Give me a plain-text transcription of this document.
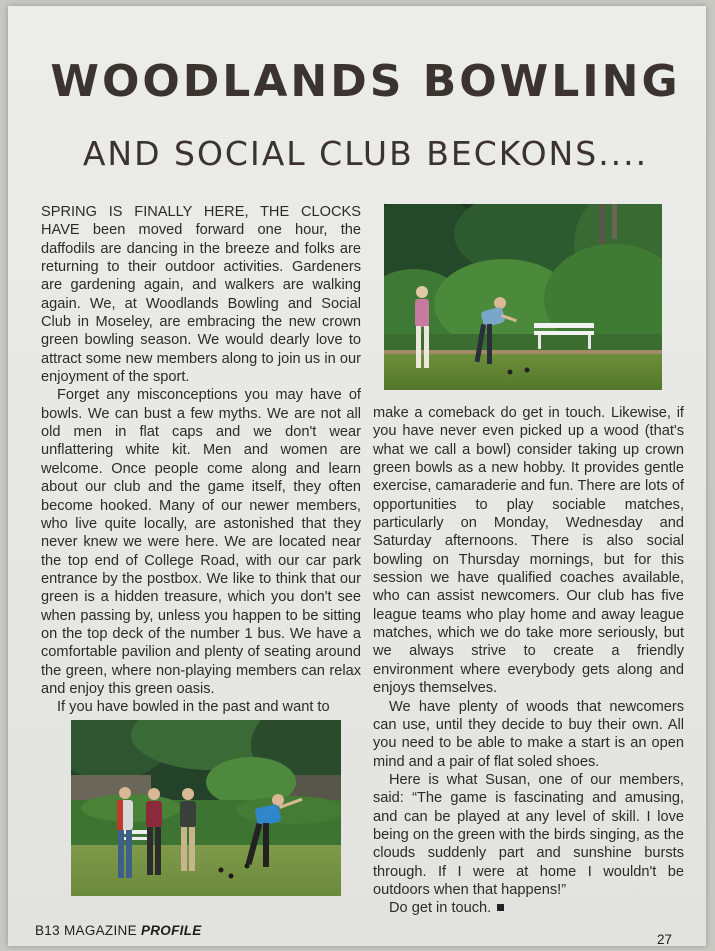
WOODLANDS BOWLING
AND SOCIAL CLUB BECKONS....

SPRING IS FINALLY HERE, THE CLOCKS HAVE been moved forward one hour, the daffodils are dancing in the breeze and folks are returning to their outdoor activities. Gardeners are gardening again, and walkers are walking again. We, at Woodlands Bowling and Social Club in Moseley, are embracing the new crown green bowling season. We would dearly love to attract some new members along to join us in our enjoyment of the sport.

Forget any misconceptions you may have of bowls. We can bust a few myths. We are not all old men in flat caps and we don't wear unflattering white kit. Men and women are welcome. Once people come along and learn about our club and the game itself, they often become hooked. Many of our newer members, who live quite locally, are astonished that they never knew we were here. We are located near the top end of College Road, with our car park entrance by the postbox. We like to think that our green is a hidden treasure, which you don't see when passing by, unless you happen to be sitting on the top deck of the number 1 bus. We have a comfortable pavilion and plenty of seating around the green, where non-playing members can relax and enjoy this green oasis.

If you have bowled in the past and want to

make a comeback do get in touch. Likewise, if you have never even picked up a wood (that's what we call a bowl) consider taking up crown green bowls as a new hobby. It provides gentle exercise, camaraderie and fun. There are lots of opportunities to play sociable matches, particularly on Monday, Wednesday and Saturday afternoons. There is also social bowling on Thursday mornings, but for this session we have qualified coaches available, who can assist newcomers. Our club has five league teams who play home and away league matches, which we do take more seriously, but we always strive to create a friendly environment where everybody gets along and enjoys themselves.

We have plenty of woods that newcomers can use, until they decide to buy their own. All you need to be able to make a start is an open mind and a pair of flat soled shoes.

Here is what Susan, one of our members, said: “The game is fascinating and amusing, and can be played at any level of skill. I love being on the green with the birds singing, as the clouds suddenly part and sunshine bursts through. If I were at home I wouldn't be outdoors when that happens!”

Do get in touch.

B13 MAGAZINE PROFILE
27
